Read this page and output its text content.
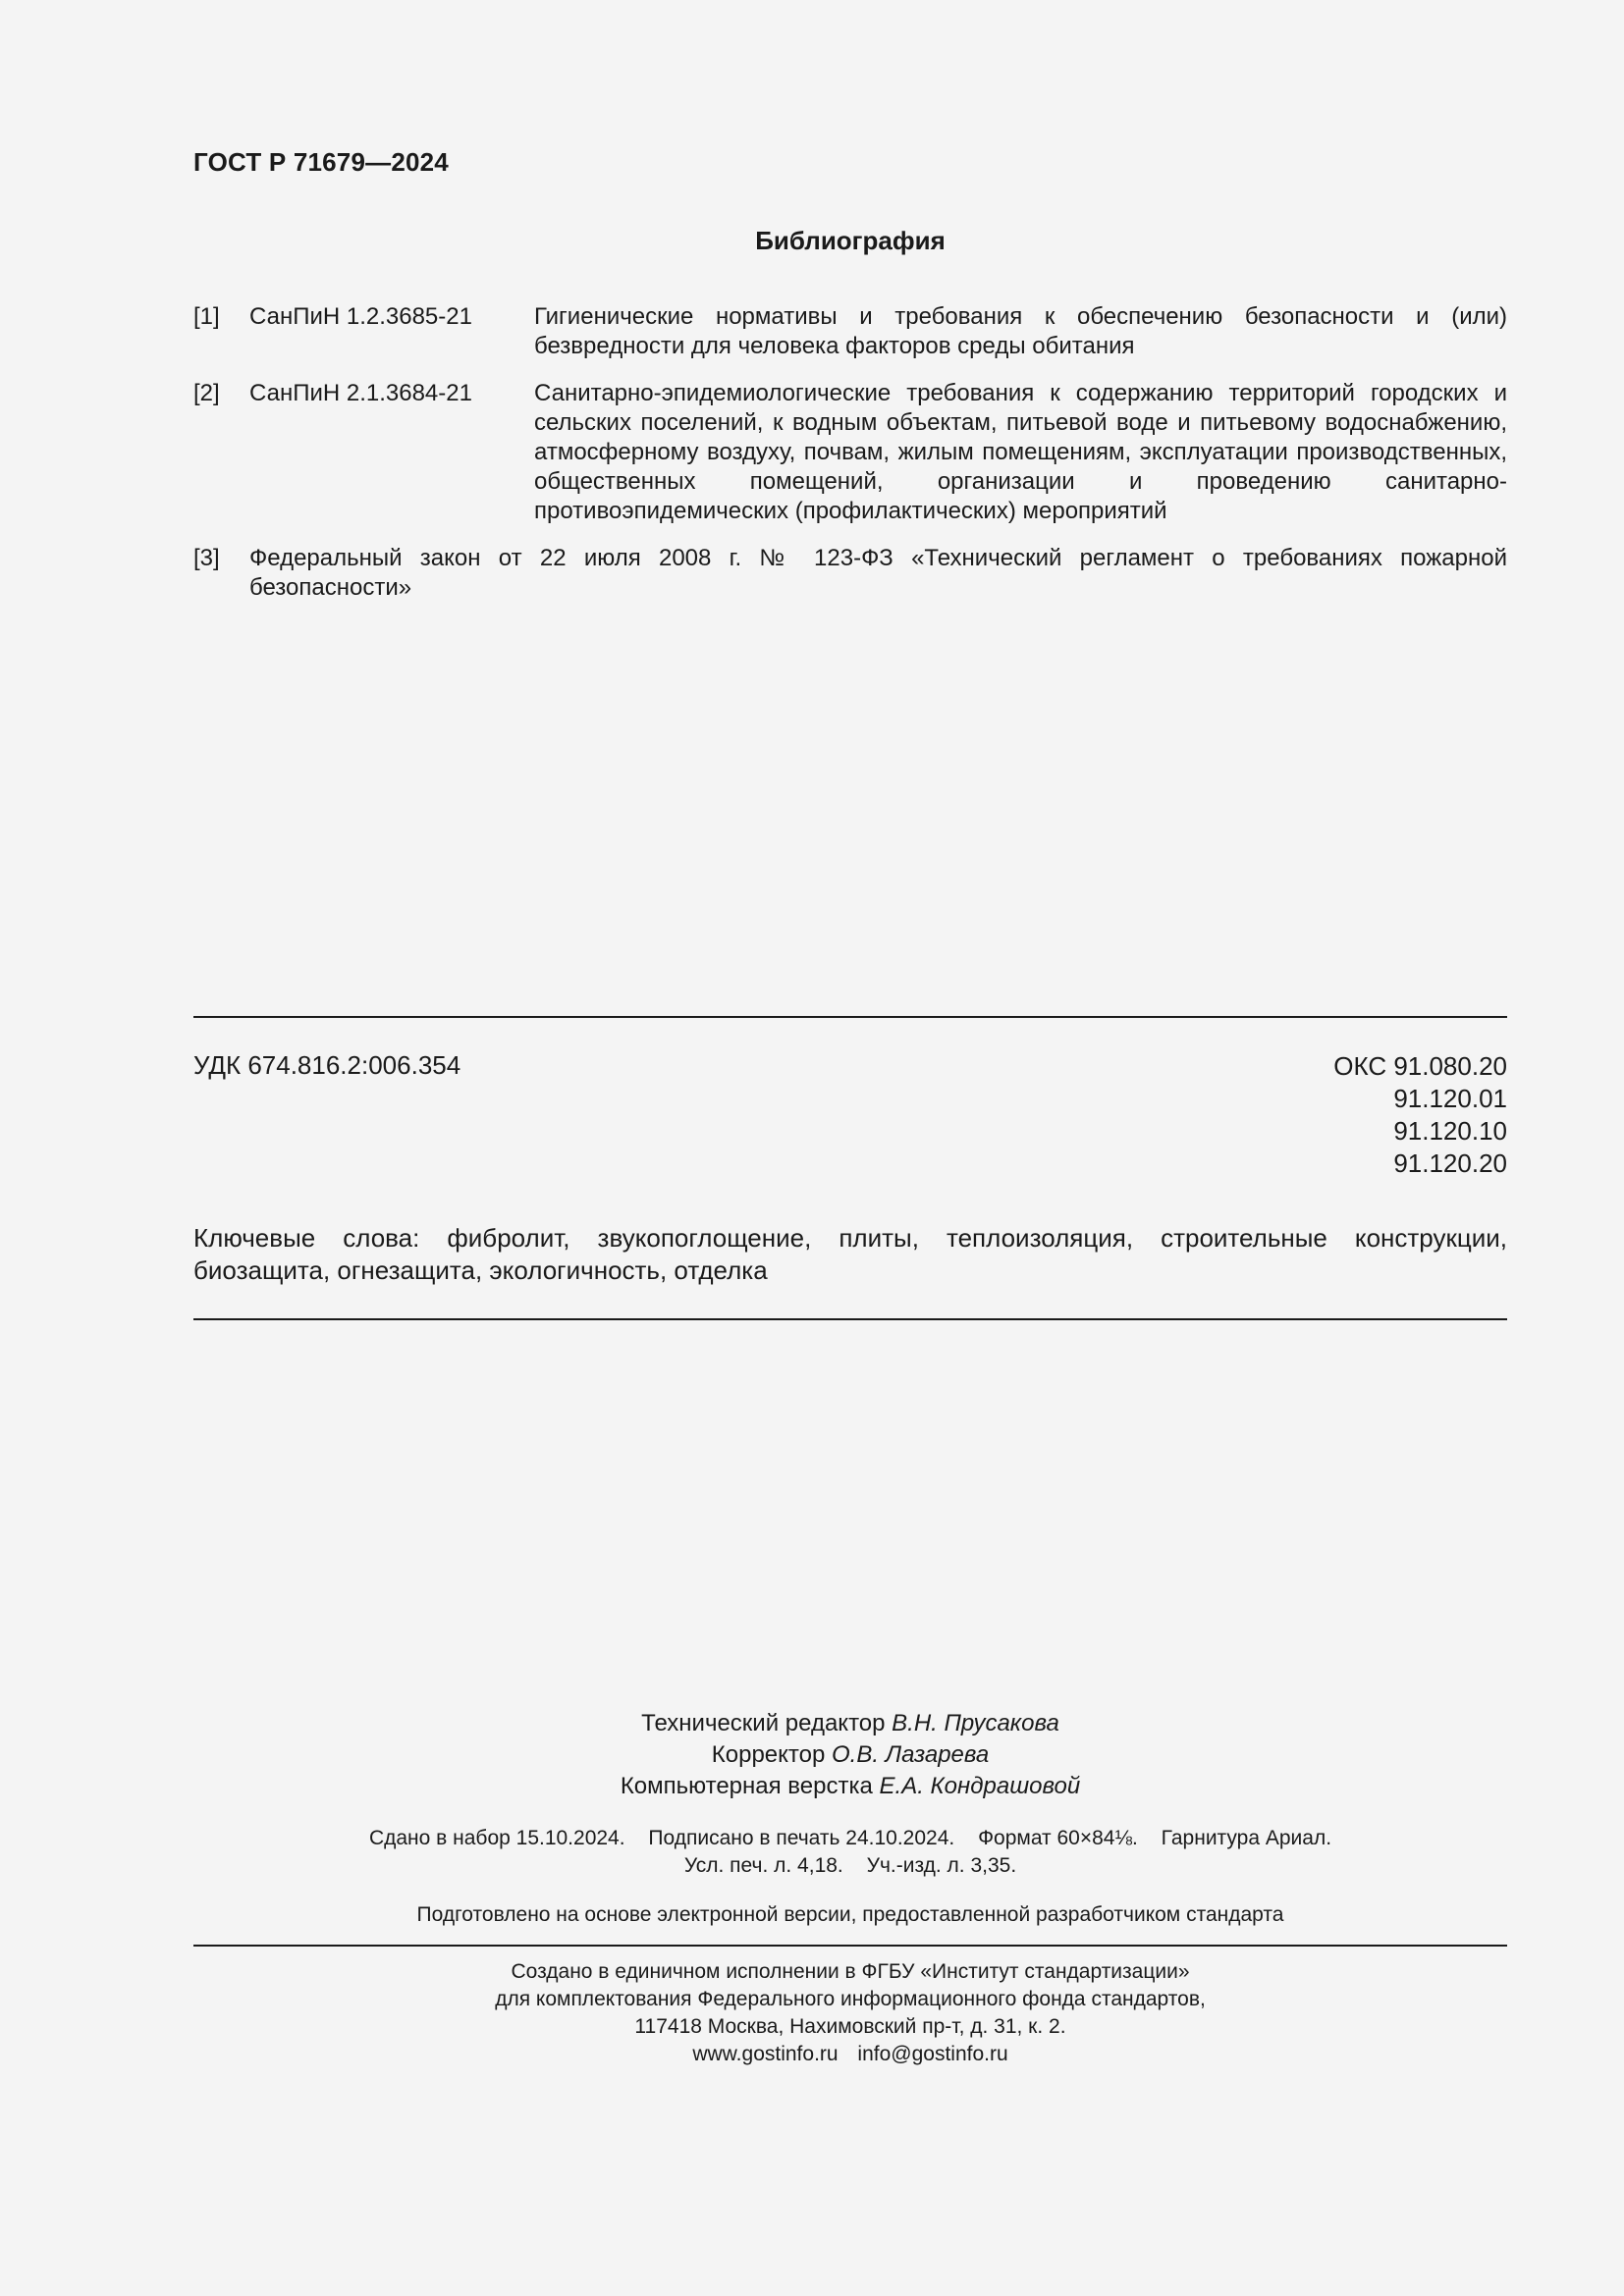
ГОСТ Р 71679—2024
Библиография
[1]	СанПиН 1.2.3685-21	Гигиенические нормативы и требования к обеспечению безопасности и (или) безвредности для человека факторов среды обитания
[2]	СанПиН 2.1.3684-21	Санитарно-эпидемиологические требования к содержанию территорий городских и сельских поселений, к водным объектам, питьевой воде и питьевому водоснабжению, атмосферному воздуху, почвам, жилым помещениям, эксплуатации производственных, общественных помещений, организации и проведению санитарно-противоэпидемических (профилактических) мероприятий
[3]	Федеральный закон от 22 июля 2008 г. № 123-ФЗ «Технический регламент о требованиях пожарной безопасности»
УДК 674.816.2:006.354	ОКС 91.080.20
91.120.01
91.120.10
91.120.20
Ключевые слова: фибролит, звукопоглощение, плиты, теплоизоляция, строительные конструкции, биозащита, огнезащита, экологичность, отделка
Технический редактор В.Н. Прусакова
Корректор О.В. Лазарева
Компьютерная верстка Е.А. Кондрашовой
Сдано в набор 15.10.2024. Подписано в печать 24.10.2024. Формат 60×84⅛. Гарнитура Ариал.
Усл. печ. л. 4,18. Уч.-изд. л. 3,35.
Подготовлено на основе электронной версии, предоставленной разработчиком стандарта
Создано в единичном исполнении в ФГБУ «Институт стандартизации»
для комплектования Федерального информационного фонда стандартов,
117418 Москва, Нахимовский пр-т, д. 31, к. 2.
www.gostinfo.ru info@gostinfo.ru
